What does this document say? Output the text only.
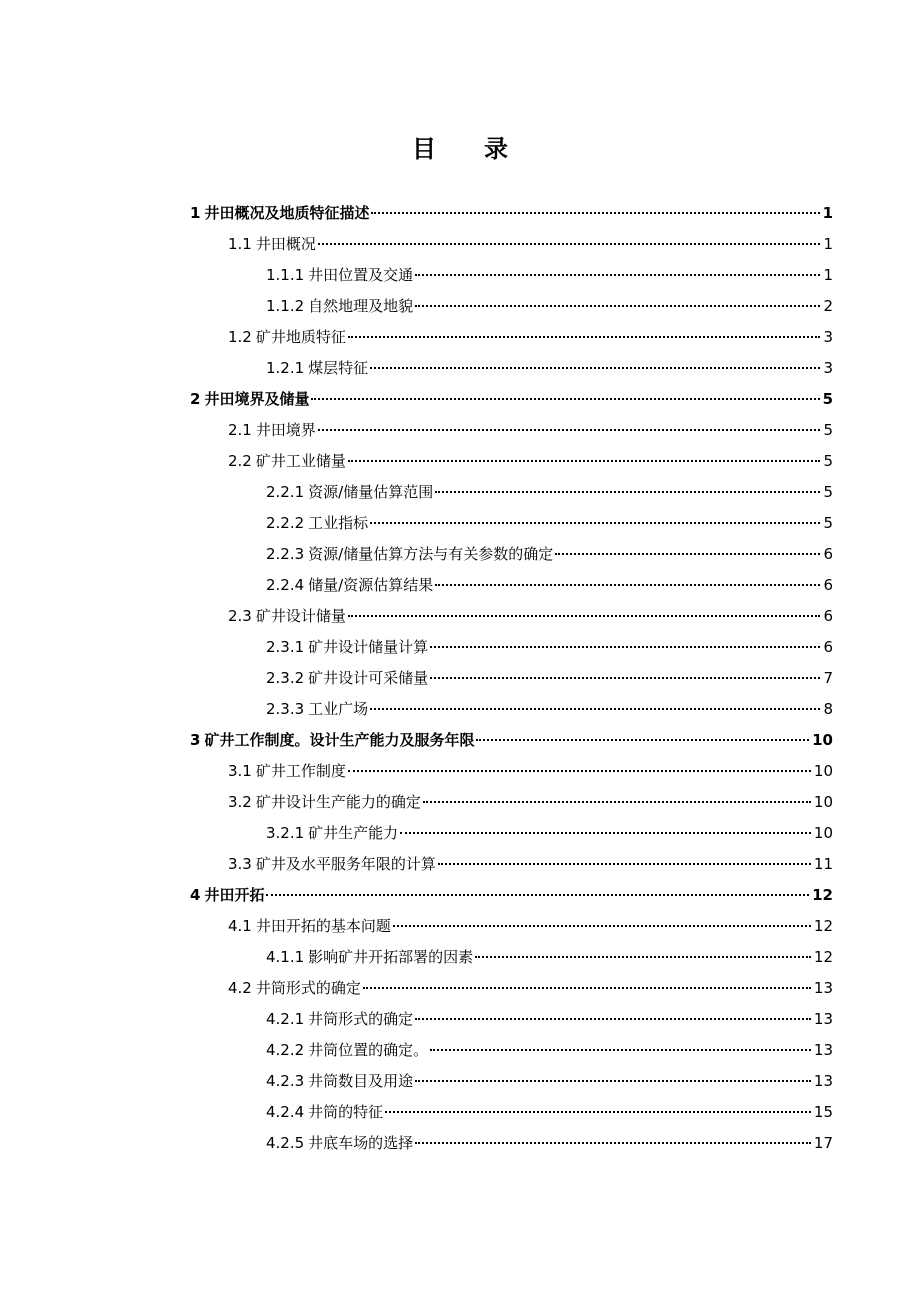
目　　录
1 井田概况及地质特征描述	1
1.1 井田概况	1
1.1.1 井田位置及交通	1
1.1.2 自然地理及地貌	2
1.2 矿井地质特征	3
1.2.1 煤层特征	3
2 井田境界及储量	5
2.1 井田境界	5
2.2 矿井工业储量	5
2.2.1 资源/储量估算范围	5
2.2.2 工业指标	5
2.2.3 资源/储量估算方法与有关参数的确定	6
2.2.4 储量/资源估算结果	6
2.3 矿井设计储量	6
2.3.1 矿井设计储量计算	6
2.3.2 矿井设计可采储量	7
2.3.3 工业广场	8
3 矿井工作制度。设计生产能力及服务年限	10
3.1 矿井工作制度	10
3.2 矿井设计生产能力的确定	10
3.2.1 矿井生产能力	10
3.3 矿井及水平服务年限的计算	11
4 井田开拓	12
4.1 井田开拓的基本问题	12
4.1.1 影响矿井开拓部署的因素	12
4.2 井筒形式的确定	13
4.2.1 井筒形式的确定	13
4.2.2 井筒位置的确定。	13
4.2.3 井筒数目及用途	13
4.2.4 井筒的特征	15
4.2.5 井底车场的选择	17
